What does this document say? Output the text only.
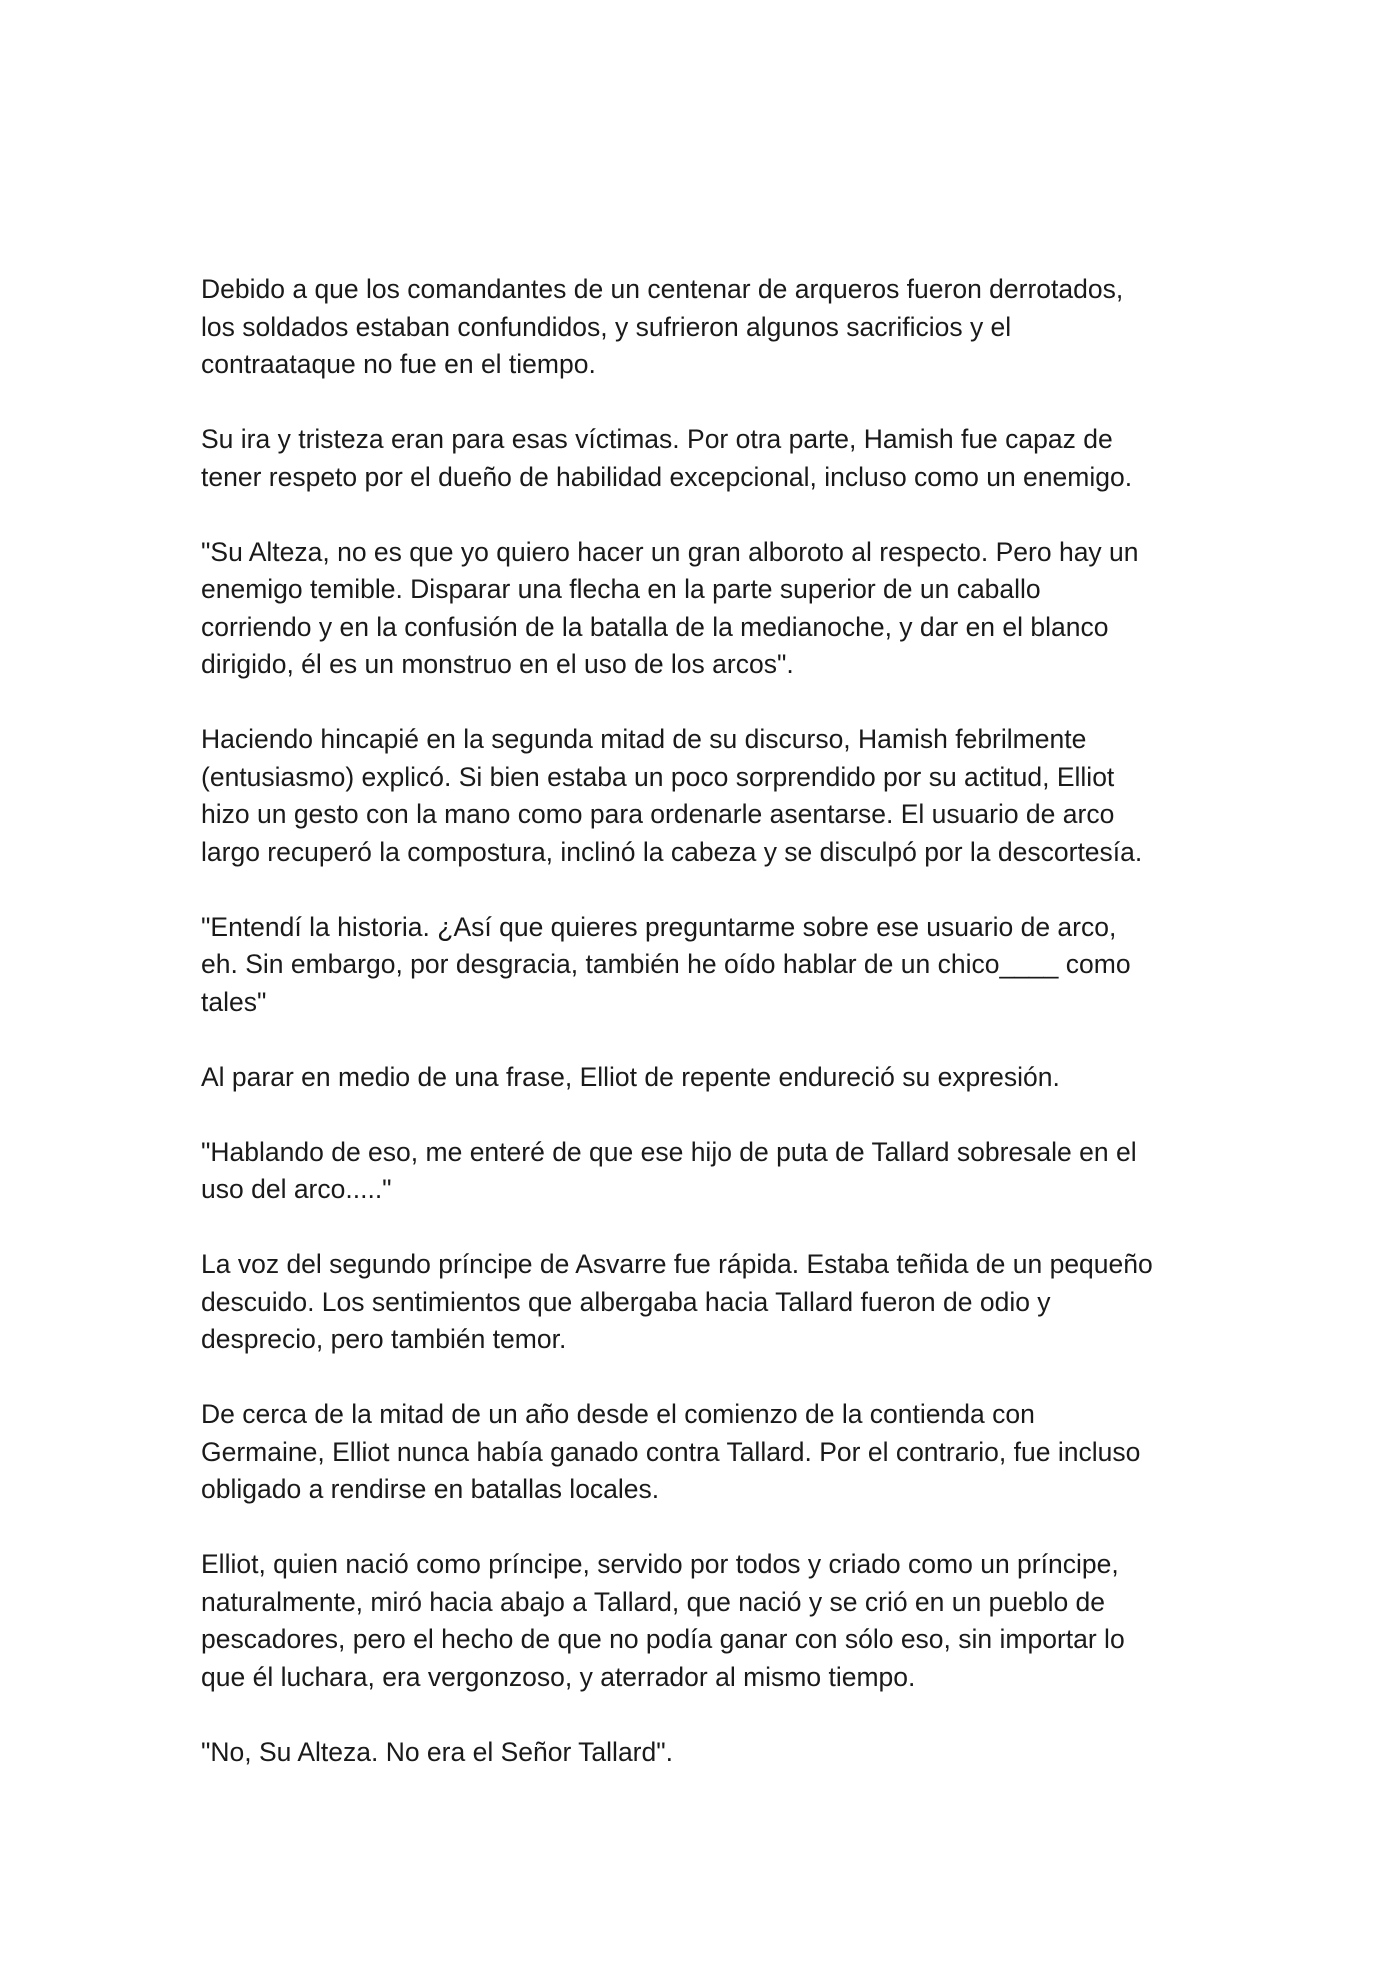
Debido a que los comandantes de un centenar de arqueros fueron derrotados,
los soldados estaban confundidos, y sufrieron algunos sacrificios y el
contraataque no fue en el tiempo.

Su ira y tristeza eran para esas víctimas. Por otra parte, Hamish fue capaz de
tener respeto por el dueño de habilidad excepcional, incluso como un enemigo.

"Su Alteza, no es que yo quiero hacer un gran alboroto al respecto. Pero hay un
enemigo temible. Disparar una flecha en la parte superior de un caballo
corriendo y en la confusión de la batalla de la medianoche, y dar en el blanco
dirigido, él es un monstruo en el uso de los arcos".

Haciendo hincapié en la segunda mitad de su discurso, Hamish febrilmente
(entusiasmo) explicó. Si bien estaba un poco sorprendido por su actitud, Elliot
hizo un gesto con la mano como para ordenarle asentarse. El usuario de arco
largo recuperó la compostura, inclinó la cabeza y se disculpó por la descortesía.

"Entendí la historia. ¿Así que quieres preguntarme sobre ese usuario de arco,
eh. Sin embargo, por desgracia, también he oído hablar de un chico____ como
tales"

Al parar en medio de una frase, Elliot de repente endureció su expresión.

"Hablando de eso, me enteré de que ese hijo de puta de Tallard sobresale en el
uso del arco....."

La voz del segundo príncipe de Asvarre fue rápida. Estaba teñida de un pequeño
descuido. Los sentimientos que albergaba hacia Tallard fueron de odio y
desprecio, pero también temor.

De cerca de la mitad de un año desde el comienzo de la contienda con
Germaine, Elliot nunca había ganado contra Tallard. Por el contrario, fue incluso
obligado a rendirse en batallas locales.

Elliot, quien nació como príncipe, servido por todos y criado como un príncipe,
naturalmente, miró hacia abajo a Tallard, que nació y se crió en un pueblo de
pescadores, pero el hecho de que no podía ganar con sólo eso, sin importar lo
que él luchara, era vergonzoso, y aterrador al mismo tiempo.

"No, Su Alteza. No era el Señor Tallard".
